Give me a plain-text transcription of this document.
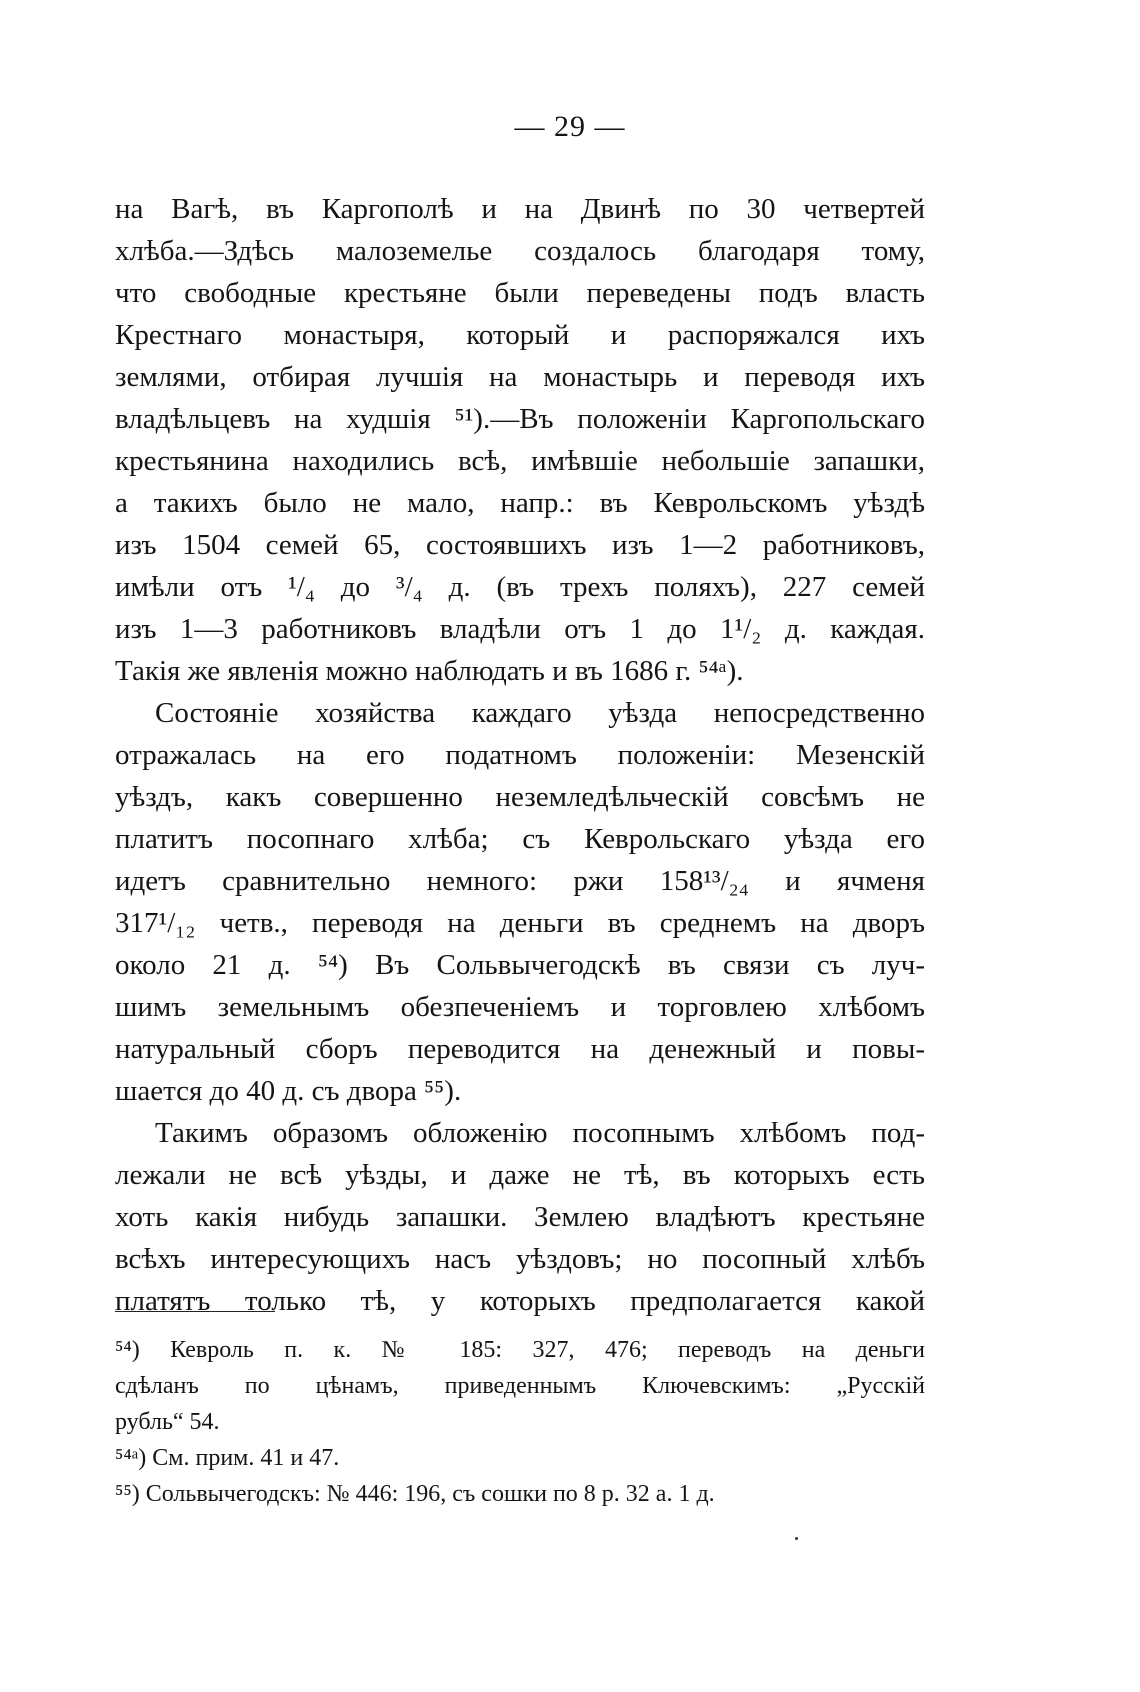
— 29 —
на Вагѣ, въ Каргополѣ и на Двинѣ по 30 четвертей
хлѣба.—Здѣсь малоземелье создалось благодаря тому,
что свободные крестьяне были переведены подъ власть
Крестнаго монастыря, который и распоряжался ихъ
землями, отбирая лучшія на монастырь и переводя ихъ
владѣльцевъ на худшія ⁵¹).—Въ положеніи Каргопольскаго
крестьянина находились всѣ, имѣвшіе небольшіе запашки,
а такихъ было не мало, напр.: въ Кеврольскомъ уѣздѣ
изъ 1504 семей 65, состоявшихъ изъ 1—2 работниковъ,
имѣли отъ ¹/₄ до ³/₄ д. (въ трехъ поляхъ), 227 семей
изъ 1—3 работниковъ владѣли отъ 1 до 1¹/₂ д. каждая.
Такія же явленія можно наблюдать и въ 1686 г. ⁵⁴ᵃ).
Состояніе хозяйства каждаго уѣзда непосредственно
отражалась на его податномъ положеніи: Мезенскій
уѣздъ, какъ совершенно неземледѣльческій совсѣмъ не
платитъ посопнаго хлѣба; съ Кеврольскаго уѣзда его
идетъ сравнительно немного: ржи 158¹³/₂₄ и ячменя
317¹/₁₂ четв., переводя на деньги въ среднемъ на дворъ
около 21 д. ⁵⁴) Въ Сольвычегодскѣ въ связи съ луч-
шимъ земельнымъ обезпеченіемъ и торговлею хлѣбомъ
натуральный сборъ переводится на денежный и повы-
шается до 40 д. съ двора ⁵⁵).
Такимъ образомъ обложенію посопнымъ хлѣбомъ под-
лежали не всѣ уѣзды, и даже не тѣ, въ которыхъ есть
хоть какія нибудь запашки. Землею владѣютъ крестьяне
всѣхъ интересующихъ насъ уѣздовъ; но посопный хлѣбъ
платятъ только тѣ, у которыхъ предполагается какой
⁵⁴) Кевроль п. к. № 185: 327, 476; переводъ на деньги
сдѣланъ по цѣнамъ, приведеннымъ Ключевскимъ: „Русскій
рубль“ 54.
⁵⁴ᵃ) См. прим. 41 и 47.
⁵⁵) Сольвычегодскъ: № 446: 196, съ сошки по 8 р. 32 а. 1 д.
